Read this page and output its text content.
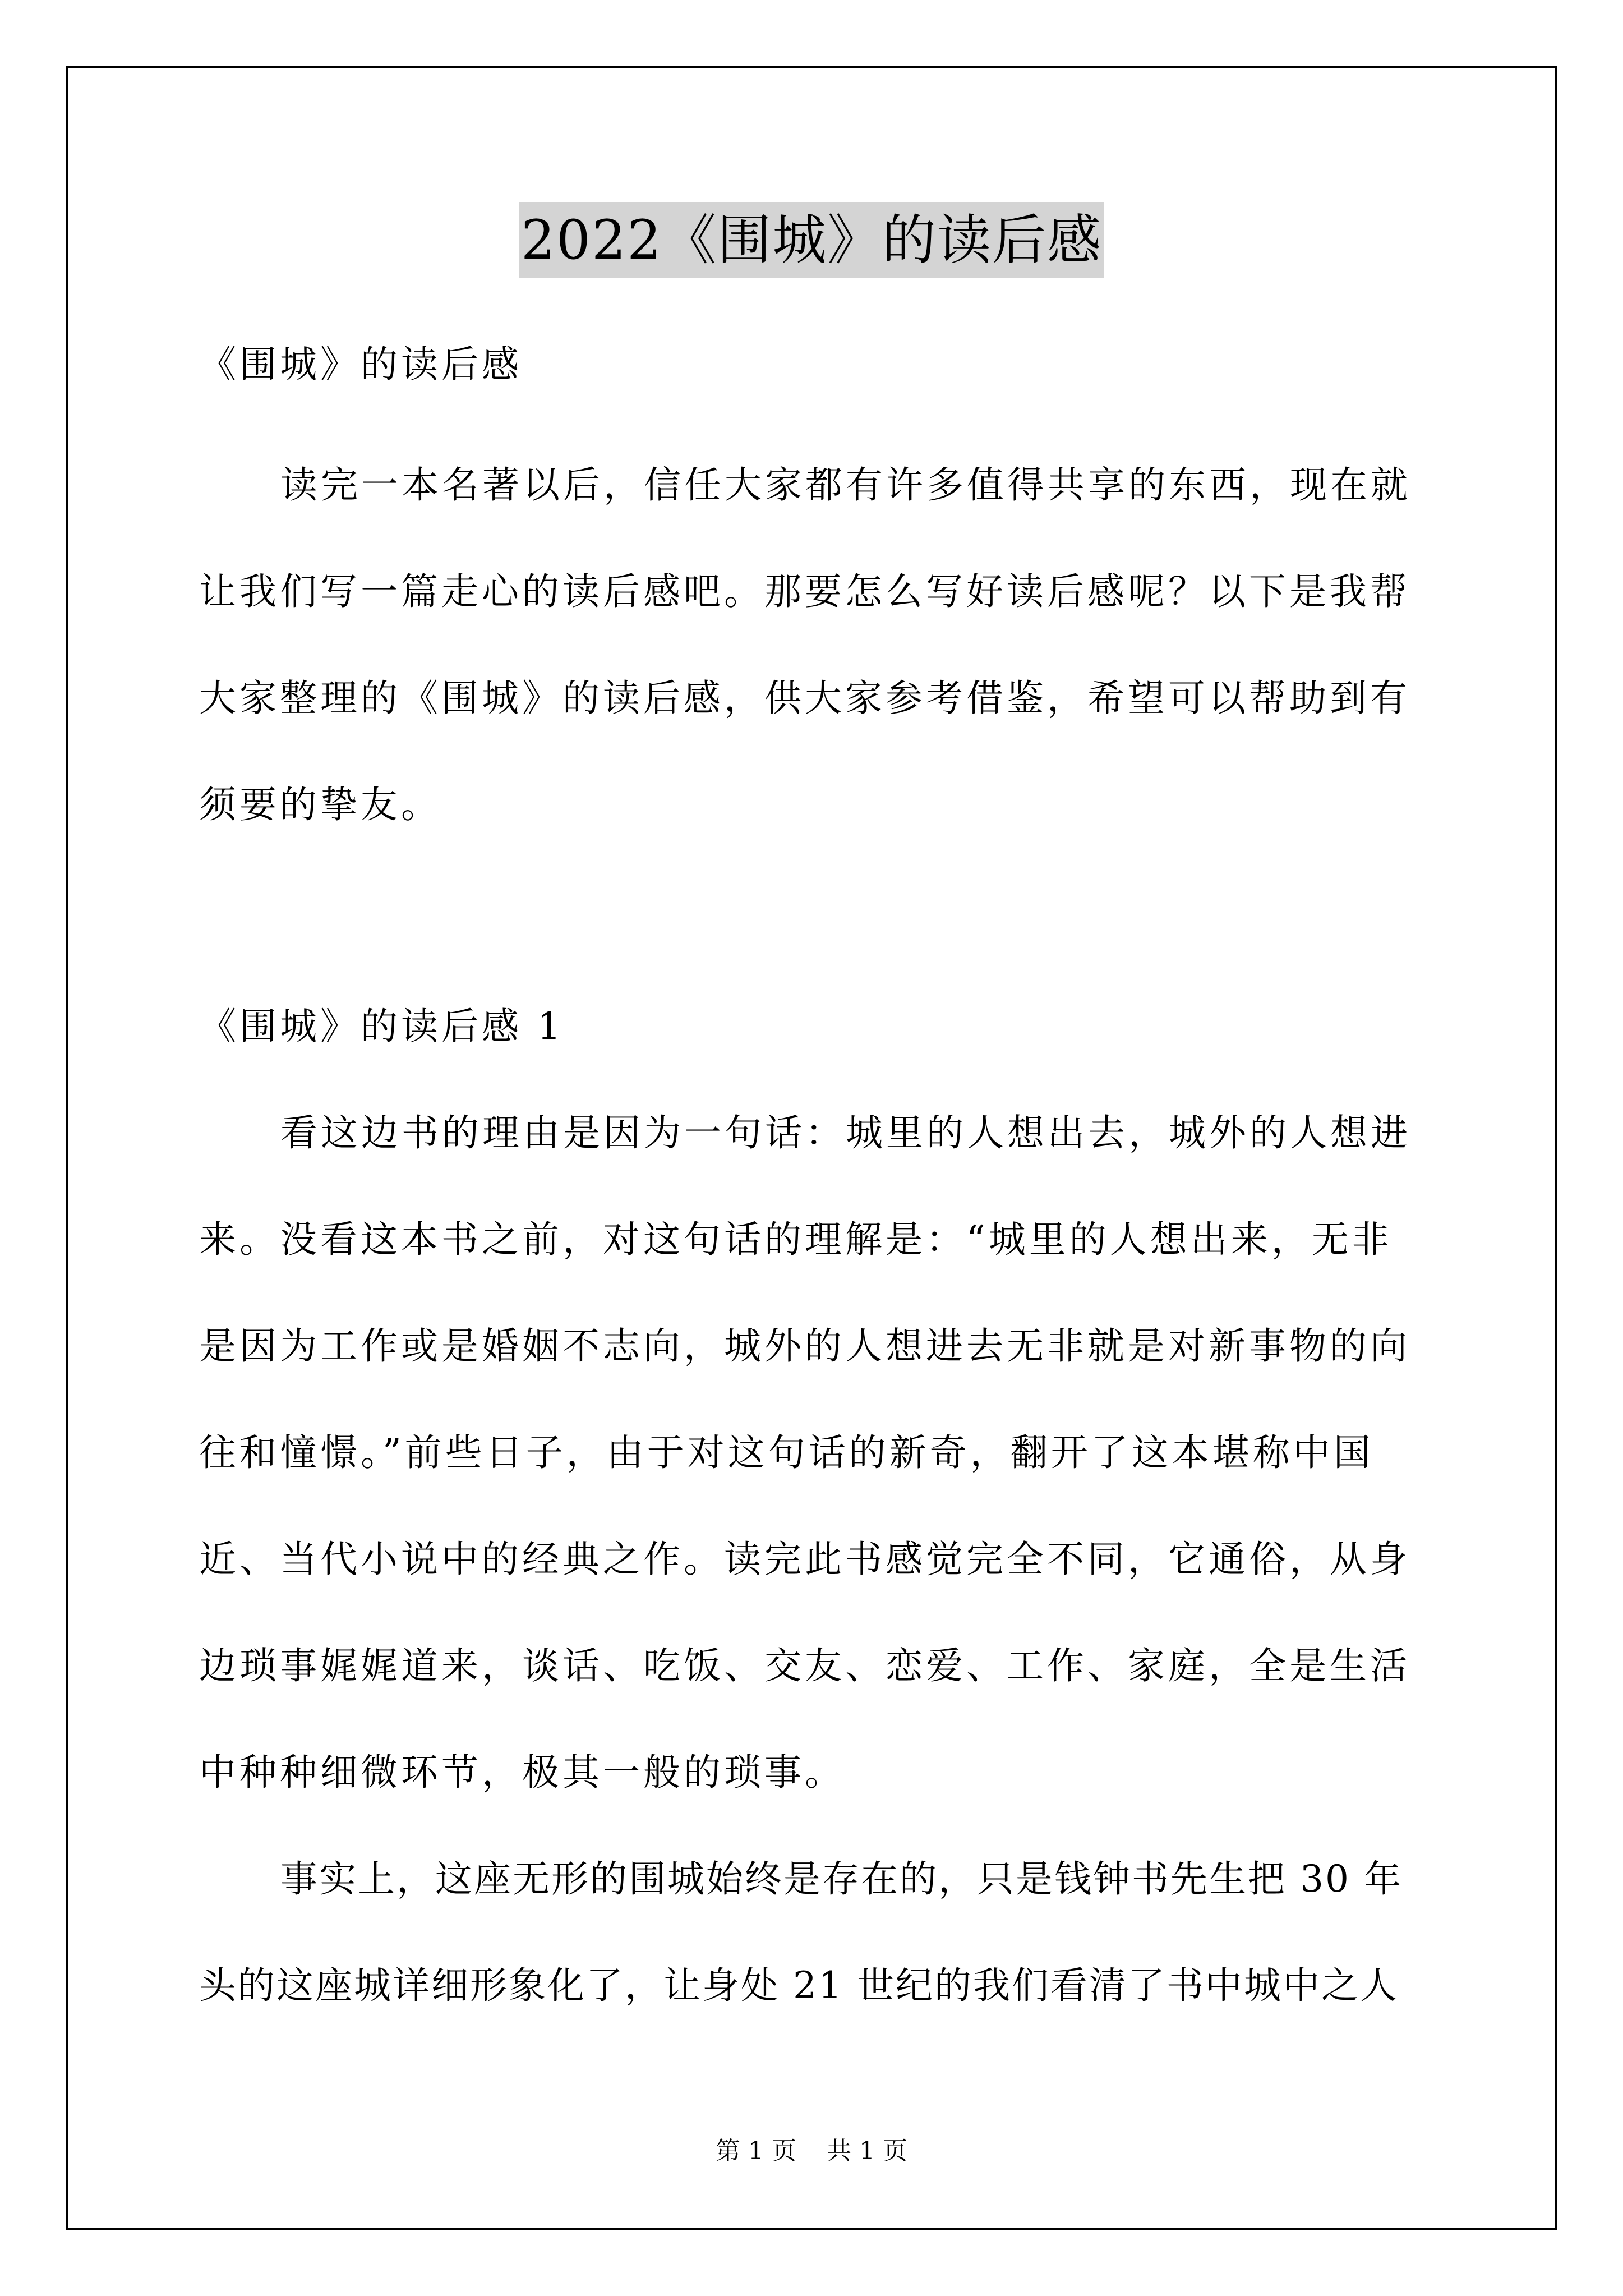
2022《围城》的读后感

《围城》的读后感

读完一本名著以后，信任大家都有许多值得共享的东西，现在就

让我们写一篇走心的读后感吧。那要怎么写好读后感呢？以下是我帮

大家整理的《围城》的读后感，供大家参考借鉴，希望可以帮助到有

须要的挚友。

《围城》的读后感 1

看这边书的理由是因为一句话：城里的人想出去，城外的人想进

来。没看这本书之前，对这句话的理解是：“城里的人想出来，无非

是因为工作或是婚姻不志向，城外的人想进去无非就是对新事物的向

往和憧憬。”前些日子，由于对这句话的新奇，翻开了这本堪称中国

近、当代小说中的经典之作。读完此书感觉完全不同，它通俗，从身

边琐事娓娓道来，谈话、吃饭、交友、恋爱、工作、家庭，全是生活

中种种细微环节，极其一般的琐事。

事实上，这座无形的围城始终是存在的，只是钱钟书先生把 30 年

头的这座城详细形象化了，让身处 21 世纪的我们看清了书中城中之人

第 1 页 共 1 页
